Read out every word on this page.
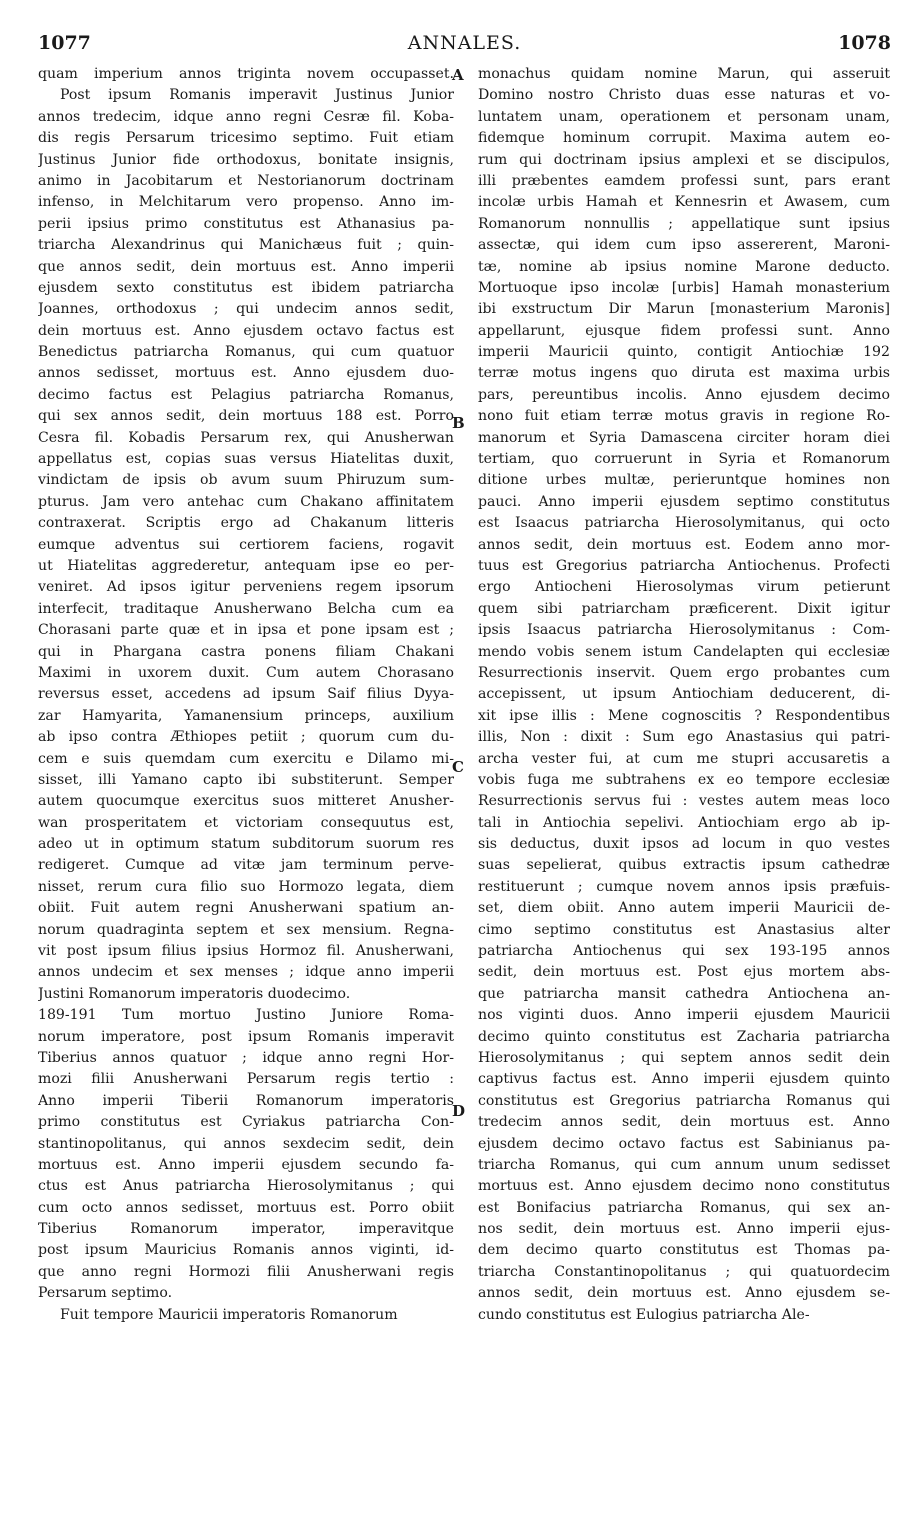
1077	ANNALES.	1078
quam imperium annos triginta novem occupasset.
Post ipsum Romanis imperavit Justinus Junior
annos tredecim, idque anno regni Cesræ fil. Koba-
dis regis Persarum tricesimo septimo. Fuit etiam
Justinus Junior fide orthodoxus, bonitate insignis,
animo in Jacobitarum et Nestorianorum doctrinam
infenso, in Melchitarum vero propenso. Anno im-
perii ipsius primo constitutus est Athanasius pa-
triarcha Alexandrinus qui Manichæus fuit ; quin-
que annos sedit, dein mortuus est. Anno imperii
ejusdem sexto constitutus est ibidem patriarcha
Joannes, orthodoxus ; qui undecim annos sedit,
dein mortuus est. Anno ejusdem octavo factus est
Benedictus patriarcha Romanus, qui cum quatuor
annos sedisset, mortuus est. Anno ejusdem duo-
decimo factus est Pelagius patriarcha Romanus,
qui sex annos sedit, dein mortuus 188 est. Porro
Cesra fil. Kobadis Persarum rex, qui Anusherwan
appellatus est, copias suas versus Hiatelitas duxit,
vindictam de ipsis ob avum suum Phiruzum sum-
pturus. Jam vero antehac cum Chakano affinitatem
contraxerat. Scriptis ergo ad Chakanum litteris
eumque adventus sui certiorem faciens, rogavit
ut Hiatelitas aggrederetur, antequam ipse eo per-
veniret. Ad ipsos igitur perveniens regem ipsorum
interfecit, traditaque Anusherwano Belcha cum ea
Chorasani parte quæ et in ipsa et pone ipsam est ;
qui in Phargana castra ponens filiam Chakani
Maximi in uxorem duxit. Cum autem Chorasano
reversus esset, accedens ad ipsum Saif filius Dyya-
zar Hamyarita, Yamanensium princeps, auxilium
ab ipso contra Æthiopes petiit ; quorum cum du-
cem e suis quemdam cum exercitu e Dilamo mi-
sisset, illi Yamano capto ibi substiterunt. Semper
autem quocumque exercitus suos mitteret Anusher-
wan prosperitatem et victoriam consequutus est,
adeo ut in optimum statum subditorum suorum res
redigeret. Cumque ad vitæ jam terminum perve-
nisset, rerum cura filio suo Hormozo legata, diem
obiit. Fuit autem regni Anusherwani spatium an-
norum quadraginta septem et sex mensium. Regna-
vit post ipsum filius ipsius Hormoz fil. Anusherwani,
annos undecim et sex menses ; idque anno imperii
Justini Romanorum imperatoris duodecimo.
189-191 Tum mortuo Justino Juniore Roma-
norum imperatore, post ipsum Romanis imperavit
Tiberius annos quatuor ; idque anno regni Hor-
mozi filii Anusherwani Persarum regis tertio :
Anno imperii Tiberii Romanorum imperatoris
primo constitutus est Cyriakus patriarcha Con-
stantinopolitanus, qui annos sexdecim sedit, dein
mortuus est. Anno imperii ejusdem secundo fa-
ctus est Anus patriarcha Hierosolymitanus ; qui
cum octo annos sedisset, mortuus est. Porro obiit
Tiberius Romanorum imperator, imperavitque
post ipsum Mauricius Romanis annos viginti, id-
que anno regni Hormozi filii Anusherwani regis
Persarum septimo.
Fuit tempore Mauricii imperatoris Romanorum
monachus quidam nomine Marun, qui asseruit
Domino nostro Christo duas esse naturas et vo-
luntatem unam, operationem et personam unam,
fidemque hominum corrupit. Maxima autem eo-
rum qui doctrinam ipsius amplexi et se discipulos,
illi præbentes eamdem professi sunt, pars erant
incolæ urbis Hamah et Kennesrin et Awasem, cum
Romanorum nonnullis ; appellatique sunt ipsius
assectæ, qui idem cum ipso assererent, Maroni-
tæ, nomine ab ipsius nomine Marone deducto.
Mortuoque ipso incolæ [urbis] Hamah monasterium
ibi exstructum Dir Marun [monasterium Maronis]
appellarunt, ejusque fidem professi sunt. Anno
imperii Mauricii quinto, contigit Antiochiæ 192
terræ motus ingens quo diruta est maxima urbis
pars, pereuntibus incolis. Anno ejusdem decimo
nono fuit etiam terræ motus gravis in regione Ro-
manorum et Syria Damascena circiter horam diei
tertiam, quo corruerunt in Syria et Romanorum
ditione urbes multæ, perieruntque homines non
pauci. Anno imperii ejusdem septimo constitutus
est Isaacus patriarcha Hierosolymitanus, qui octo
annos sedit, dein mortuus est. Eodem anno mor-
tuus est Gregorius patriarcha Antiochenus. Profecti
ergo Antiocheni Hierosolymas virum petierunt
quem sibi patriarcham præficerent. Dixit igitur
ipsis Isaacus patriarcha Hierosolymitanus : Com-
mendo vobis senem istum Candelapten qui ecclesiæ
Resurrectionis inservit. Quem ergo probantes cum
accepissent, ut ipsum Antiochiam deducerent, di-
xit ipse illis : Mene cognoscitis ? Respondentibus
illis, Non : dixit : Sum ego Anastasius qui patri-
archa vester fui, at cum me stupri accusaretis a
vobis fuga me subtrahens ex eo tempore ecclesiæ
Resurrectionis servus fui : vestes autem meas loco
tali in Antiochia sepelivi. Antiochiam ergo ab ip-
sis deductus, duxit ipsos ad locum in quo vestes
suas sepelierat, quibus extractis ipsum cathedræ
restituerunt ; cumque novem annos ipsis præfuis-
set, diem obiit. Anno autem imperii Mauricii de-
cimo septimo constitutus est Anastasius alter
patriarcha Antiochenus qui sex 193-195 annos
sedit, dein mortuus est. Post ejus mortem abs-
que patriarcha mansit cathedra Antiochena an-
nos viginti duos. Anno imperii ejusdem Mauricii
decimo quinto constitutus est Zacharia patriarcha
Hierosolymitanus ; qui septem annos sedit dein
captivus factus est. Anno imperii ejusdem quinto
constitutus est Gregorius patriarcha Romanus qui
tredecim annos sedit, dein mortuus est. Anno
ejusdem decimo octavo factus est Sabinianus pa-
triarcha Romanus, qui cum annum unum sedisset
mortuus est. Anno ejusdem decimo nono constitutus
est Bonifacius patriarcha Romanus, qui sex an-
nos sedit, dein mortuus est. Anno imperii ejus-
dem decimo quarto constitutus est Thomas pa-
triarcha Constantinopolitanus ; qui quatuordecim
annos sedit, dein mortuus est. Anno ejusdem se-
cundo constitutus est Eulogius patriarcha Ale-
A
B
C
D
